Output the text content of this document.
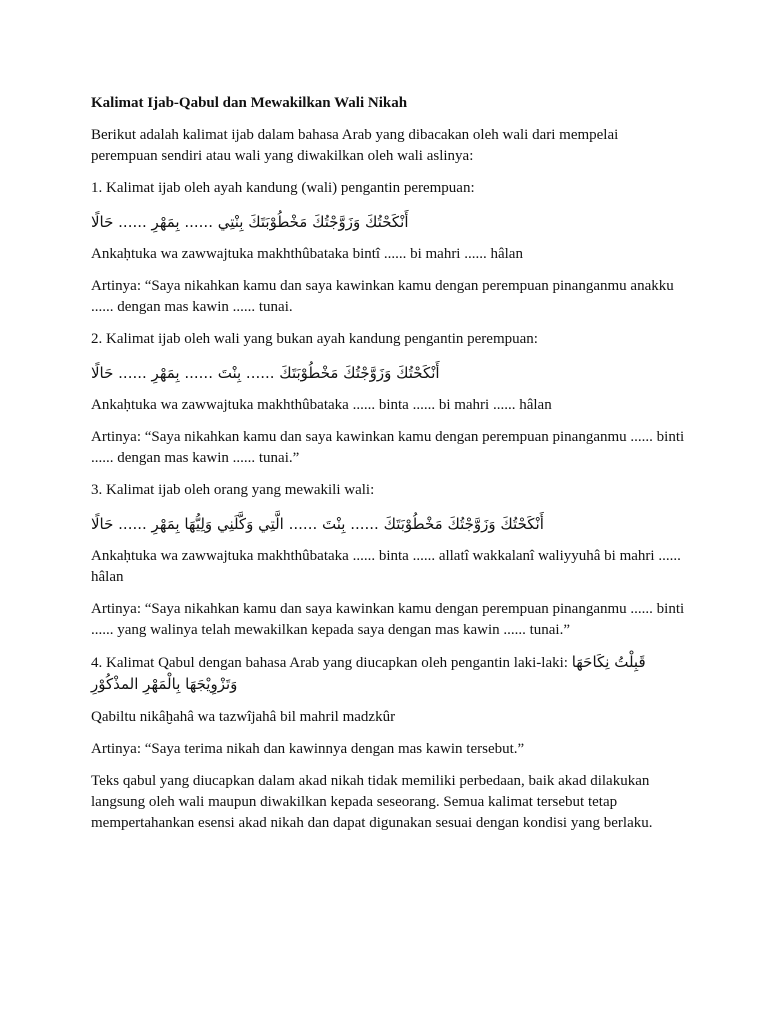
Kalimat Ijab-Qabul dan Mewakilkan Wali Nikah

Berikut adalah kalimat ijab dalam bahasa Arab yang dibacakan oleh wali dari mempelai perempuan sendiri atau wali yang diwakilkan oleh wali aslinya:

1. Kalimat ijab oleh ayah kandung (wali) pengantin perempuan:

أَنْكَحْتُكَ وَزَوَّجْتُكَ مَخْطُوْبَتَكَ بِنْتِي ...... بِمَهْرِ ...... حَالًا

Ankaḥtuka wa zawwajtuka makhthûbataka bintî ...... bi mahri ...... hâlan

Artinya: “Saya nikahkan kamu dan saya kawinkan kamu dengan perempuan pinanganmu anakku ...... dengan mas kawin ...... tunai.

2. Kalimat ijab oleh wali yang bukan ayah kandung pengantin perempuan:

أَنْكَحْتُكَ وَزَوَّجْتُكَ مَخْطُوْبَتَكَ ...... بِنْتَ ...... بِمَهْرِ ...... حَالًا

Ankaḥtuka wa zawwajtuka makhthûbataka ...... binta ...... bi mahri ...... hâlan

Artinya: “Saya nikahkan kamu dan saya kawinkan kamu dengan perempuan pinanganmu ...... binti ...... dengan mas kawin ...... tunai.”

3. Kalimat ijab oleh orang yang mewakili wali:

أَنْكَحْتُكَ وَزَوَّجْتُكَ مَخْطُوْبَتَكَ ...... بِنْتَ ...... الَّتِي وَكَّلَنِي وَلِيُّهَا بِمَهْرِ ...... حَالًا

Ankaḥtuka wa zawwajtuka makhthûbataka ...... binta ...... allatî wakkalanî waliyyuhâ bi mahri ...... hâlan

Artinya: “Saya nikahkan kamu dan saya kawinkan kamu dengan perempuan pinanganmu ...... binti ...... yang walinya telah mewakilkan kepada saya dengan mas kawin ...... tunai.”

4. Kalimat Qabul dengan bahasa Arab yang diucapkan oleh pengantin laki-laki: قَبِلْتُ نِكَاحَهَا وَتَزْوِيْجَهَا بِالْمَهْرِ المذْكُوْرِ

Qabiltu nikâḫahâ wa tazwîjahâ bil mahril madzkûr

Artinya: “Saya terima nikah dan kawinnya dengan mas kawin tersebut.”

Teks qabul yang diucapkan dalam akad nikah tidak memiliki perbedaan, baik akad dilakukan langsung oleh wali maupun diwakilkan kepada seseorang. Semua kalimat tersebut tetap mempertahankan esensi akad nikah dan dapat digunakan sesuai dengan kondisi yang berlaku.
